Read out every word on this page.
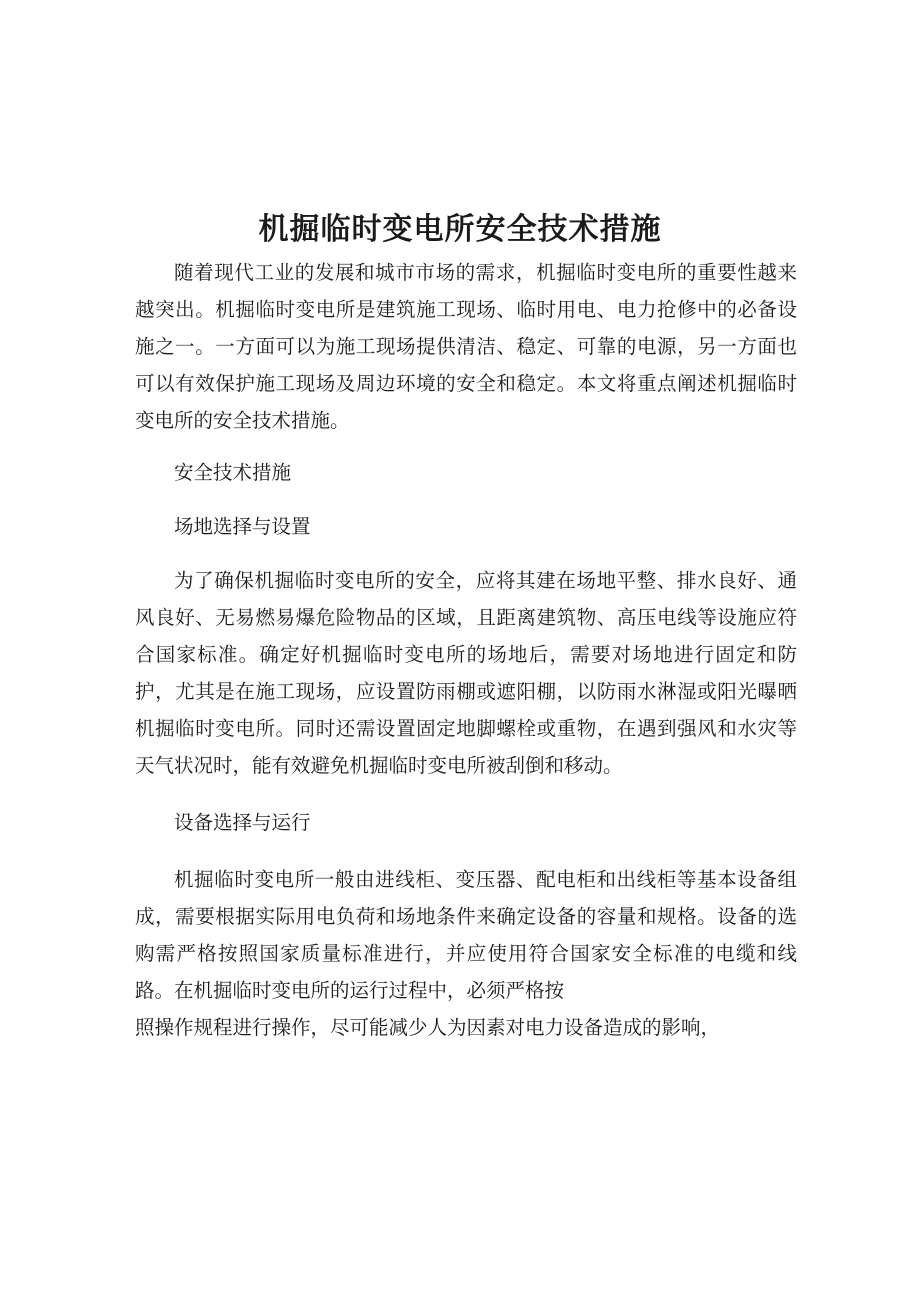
机掘临时变电所安全技术措施

随着现代工业的发展和城市市场的需求，机掘临时变电所的重要性越来越突出。机掘临时变电所是建筑施工现场、临时用电、电力抢修中的必备设施之一。一方面可以为施工现场提供清洁、稳定、可靠的电源，另一方面也可以有效保护施工现场及周边环境的安全和稳定。本文将重点阐述机掘临时变电所的安全技术措施。

安全技术措施

场地选择与设置

为了确保机掘临时变电所的安全，应将其建在场地平整、排水良好、通风良好、无易燃易爆危险物品的区域，且距离建筑物、高压电线等设施应符合国家标准。确定好机掘临时变电所的场地后，需要对场地进行固定和防护，尤其是在施工现场，应设置防雨棚或遮阳棚，以防雨水淋湿或阳光曝晒机掘临时变电所。同时还需设置固定地脚螺栓或重物，在遇到强风和水灾等天气状况时，能有效避免机掘临时变电所被刮倒和移动。

设备选择与运行

机掘临时变电所一般由进线柜、变压器、配电柜和出线柜等基本设备组成，需要根据实际用电负荷和场地条件来确定设备的容量和规格。设备的选购需严格按照国家质量标准进行，并应使用符合国家安全标准的电缆和线路。在机掘临时变电所的运行过程中，必须严格按

照操作规程进行操作，尽可能减少人为因素对电力设备造成的影响，
